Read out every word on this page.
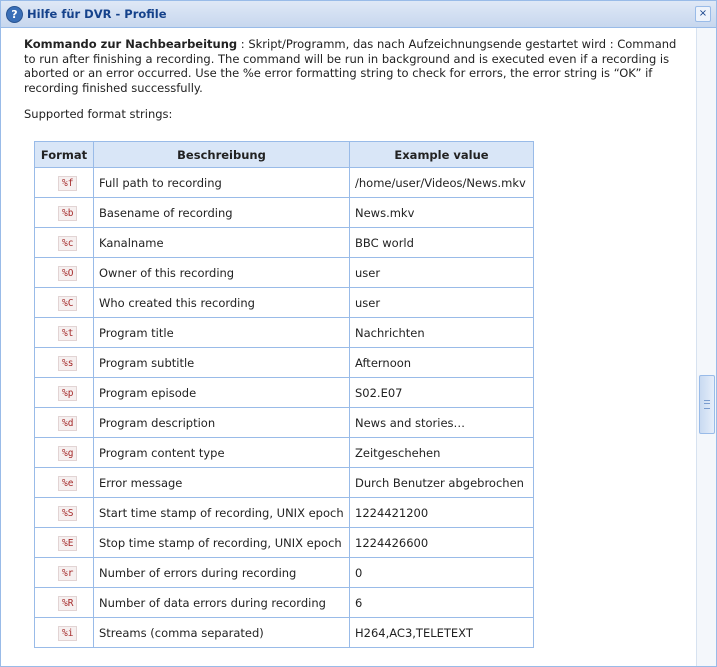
? Hilfe für DVR - Profile	×
Kommando zur Nachbearbeitung : Skript/Programm, das nach Aufzeichnungsende gestartet wird : Command to run after finishing a recording. The command will be run in background and is executed even if a recording is aborted or an error occurred. Use the %e error formatting string to check for errors, the error string is “OK” if recording finished successfully.
Supported format strings:
Format	Beschreibung	Example value
%f	Full path to recording	/home/user/Videos/News.mkv
%b	Basename of recording	News.mkv
%c	Kanalname	BBC world
%O	Owner of this recording	user
%C	Who created this recording	user
%t	Program title	Nachrichten
%s	Program subtitle	Afternoon
%p	Program episode	S02.E07
%d	Program description	News and stories…
%g	Program content type	Zeitgeschehen
%e	Error message	Durch Benutzer abgebrochen
%S	Start time stamp of recording, UNIX epoch	1224421200
%E	Stop time stamp of recording, UNIX epoch	1224426600
%r	Number of errors during recording	0
%R	Number of data errors during recording	6
%i	Streams (comma separated)	H264,AC3,TELETEXT
